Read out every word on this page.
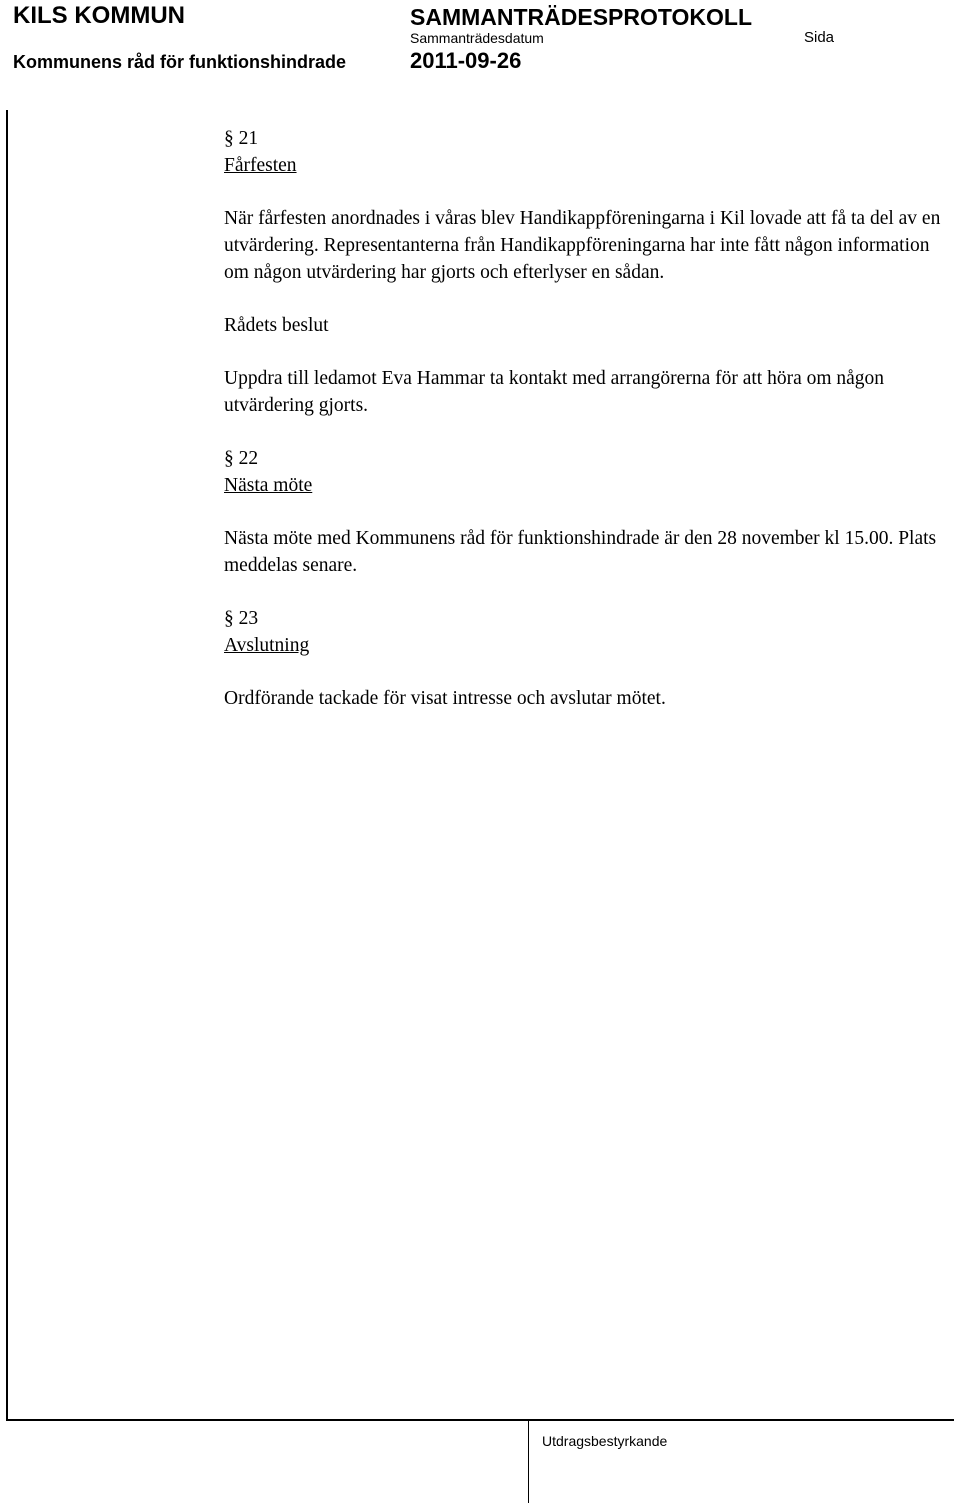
KILS KOMMUN	SAMMANTRÄDESPROTOKOLL
Sammanträdesdatum	Sida
Kommunens råd för funktionshindrade	2011-09-26

§ 21

Fårfesten

När fårfesten anordnades i våras blev Handikappföreningarna i Kil lovade att få ta del av en utvärdering. Representanterna från Handikappföreningarna har inte fått någon information om någon utvärdering har gjorts och efterlyser en sådan.

Rådets beslut

Uppdra till ledamot Eva Hammar ta kontakt med arrangörerna för att höra om någon utvärdering gjorts.

§ 22

Nästa möte

Nästa möte med Kommunens råd för funktionshindrade är den 28 november kl 15.00. Plats meddelas senare.

§ 23

Avslutning

Ordförande tackade för visat intresse och avslutar mötet.

Utdragsbestyrkande
